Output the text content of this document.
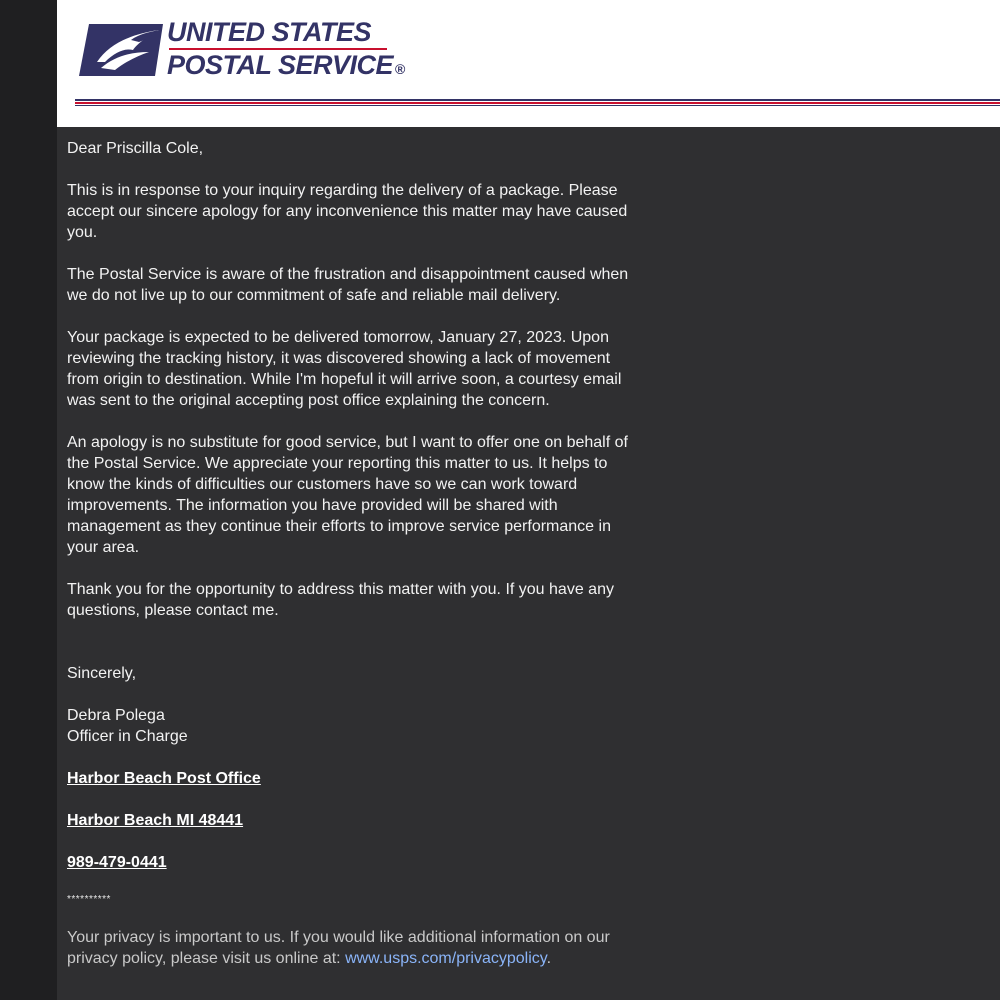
UNITED STATES
POSTAL SERVICE ®

Dear Priscilla Cole,

This is in response to your inquiry regarding the delivery of a package. Please accept our sincere apology for any inconvenience this matter may have caused you.

The Postal Service is aware of the frustration and disappointment caused when we do not live up to our commitment of safe and reliable mail delivery.

Your package is expected to be delivered tomorrow, January 27, 2023. Upon reviewing the tracking history, it was discovered showing a lack of movement from origin to destination. While I'm hopeful it will arrive soon, a courtesy email was sent to the original accepting post office explaining the concern.

An apology is no substitute for good service, but I want to offer one on behalf of the Postal Service. We appreciate your reporting this matter to us. It helps to know the kinds of difficulties our customers have so we can work toward improvements. The information you have provided will be shared with management as they continue their efforts to improve service performance in your area.

Thank you for the opportunity to address this matter with you. If you have any questions, please contact me.

Sincerely,

Debra Polega
Officer in Charge

Harbor Beach Post Office

Harbor Beach MI 48441

989-479-0441

**********

Your privacy is important to us. If you would like additional information on our privacy policy, please visit us online at: www.usps.com/privacypolicy.
